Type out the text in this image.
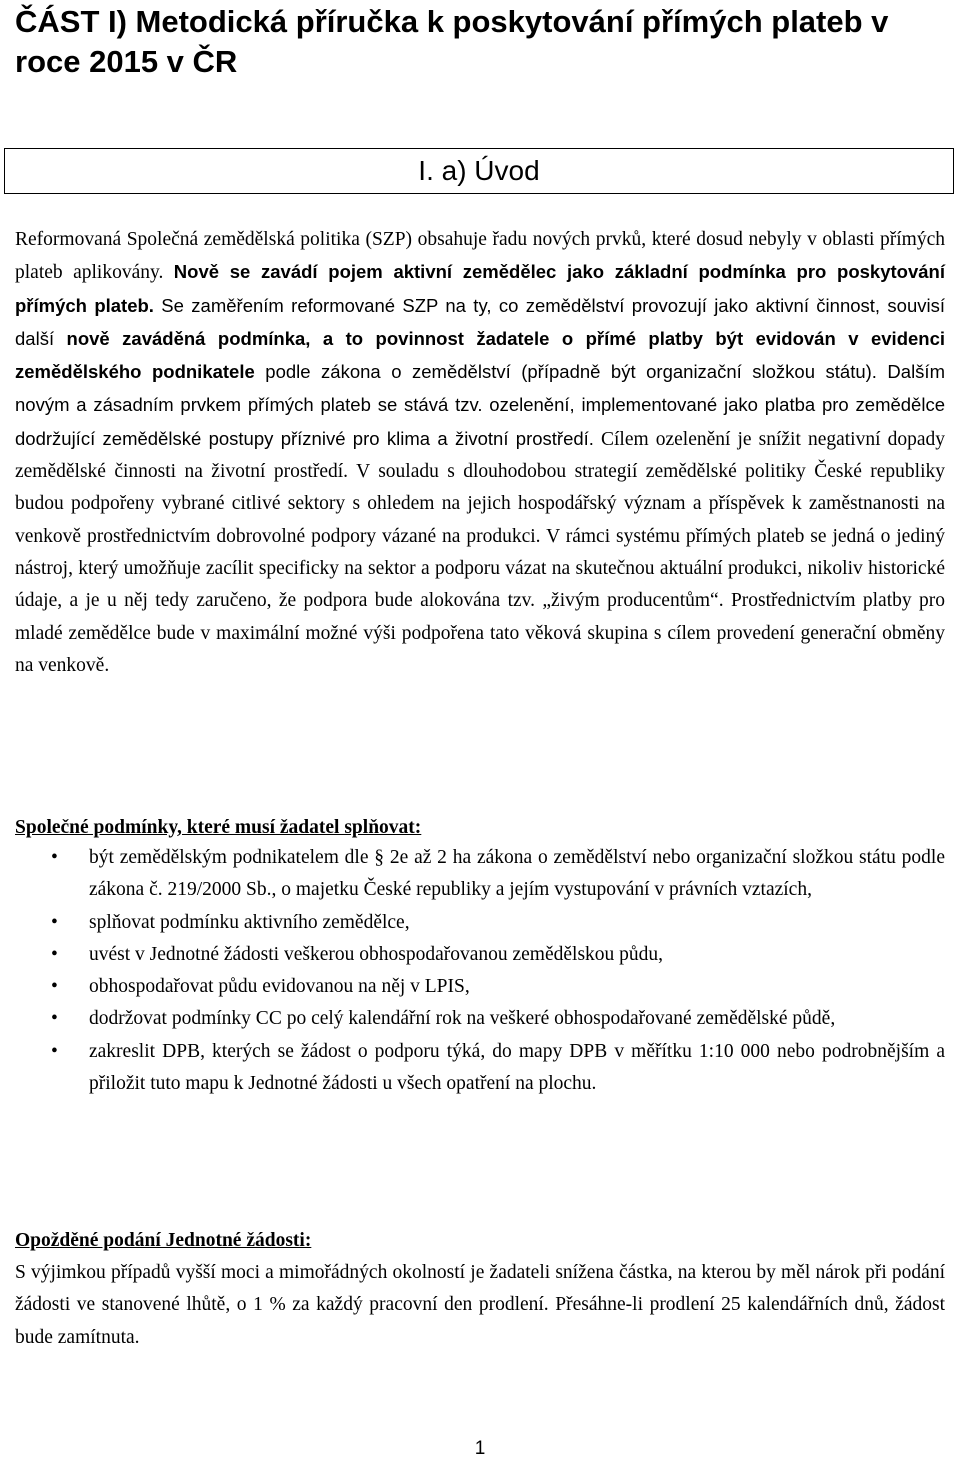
ČÁST I) Metodická příručka k poskytování přímých plateb v roce 2015 v ČR
I. a) Úvod

Reformovaná Společná zemědělská politika (SZP) obsahuje řadu nových prvků, které dosud nebyly v oblasti přímých plateb aplikovány. Nově se zavádí pojem aktivní zemědělec jako základní podmínka pro poskytování přímých plateb. Se zaměřením reformované SZP na ty, co zemědělství provozují jako aktivní činnost, souvisí další nově zaváděná podmínka, a to povinnost žadatele o přímé platby být evidován v evidenci zemědělského podnikatele podle zákona o zemědělství (případně být organizační složkou státu). Dalším novým a zásadním prvkem přímých plateb se stává tzv. ozelenění, implementované jako platba pro zemědělce dodržující zemědělské postupy příznivé pro klima a životní prostředí. Cílem ozelenění je snížit negativní dopady zemědělské činnosti na životní prostředí. V souladu s dlouhodobou strategií zemědělské politiky České republiky budou podpořeny vybrané citlivé sektory s ohledem na jejich hospodářský význam a příspěvek k zaměstnanosti na venkově prostřednictvím dobrovolné podpory vázané na produkci. V rámci systému přímých plateb se jedná o jediný nástroj, který umožňuje zacílit specificky na sektor a podporu vázat na skutečnou aktuální produkci, nikoliv historické údaje, a je u něj tedy zaručeno, že podpora bude alokována tzv. „živým producentům“. Prostřednictvím platby pro mladé zemědělce bude v maximální možné výši podpořena tato věková skupina s cílem provedení generační obměny na venkově.

Společné podmínky, které musí žadatel splňovat:
• být zemědělským podnikatelem dle § 2e až 2 ha zákona o zemědělství nebo organizační složkou státu podle zákona č. 219/2000 Sb., o majetku České republiky a jejím vystupování v právních vztazích,
• splňovat podmínku aktivního zemědělce,
• uvést v Jednotné žádosti veškerou obhospodařovanou zemědělskou půdu,
• obhospodařovat půdu evidovanou na něj v LPIS,
• dodržovat podmínky CC po celý kalendářní rok na veškeré obhospodařované zemědělské půdě,
• zakreslit DPB, kterých se žádost o podporu týká, do mapy DPB v měřítku 1:10 000 nebo podrobnějším a přiložit tuto mapu k Jednotné žádosti u všech opatření na plochu.
Opožděné podání Jednotné žádosti:

S výjimkou případů vyšší moci a mimořádných okolností je žadateli snížena částka, na kterou by měl nárok při podání žádosti ve stanovené lhůtě, o 1 % za každý pracovní den prodlení. Přesáhne-li prodlení 25 kalendářních dnů, žádost bude zamítnuta.

1
